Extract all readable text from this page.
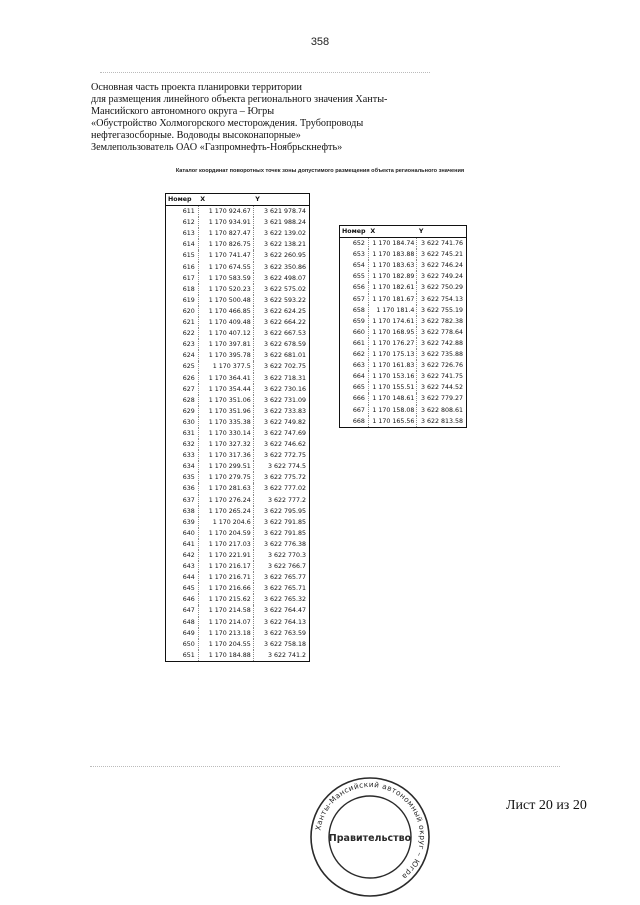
358
Основная часть проекта планировки территории
для размещения линейного объекта регионального значения Ханты-
Мансийского автономного округа – Югры
«Обустройство Холмогорского месторождения. Трубопроводы
нефтегазосборные. Водоводы высоконапорные»
Землепользователь ОАО «Газпромнефть-Ноябрьскнефть»
Каталог координат поворотных точек зоны допустимого размещения объекта регионального значения
Номер	X	Y
611	1 170 924.67	3 621 978.74
612	1 170 934.91	3 621 988.24
613	1 170 827.47	3 622 139.02
614	1 170 826.75	3 622 138.21
615	1 170 741.47	3 622 260.95
616	1 170 674.55	3 622 350.86
617	1 170 583.59	3 622 498.07
618	1 170 520.23	3 622 575.02
619	1 170 500.48	3 622 593.22
620	1 170 466.85	3 622 624.25
621	1 170 409.48	3 622 664.22
622	1 170 407.12	3 622 667.53
623	1 170 397.81	3 622 678.59
624	1 170 395.78	3 622 681.01
625	1 170 377.5	3 622 702.75
626	1 170 364.41	3 622 718.31
627	1 170 354.44	3 622 730.16
628	1 170 351.06	3 622 731.09
629	1 170 351.96	3 622 733.83
630	1 170 335.38	3 622 749.82
631	1 170 330.14	3 622 747.69
632	1 170 327.32	3 622 746.62
633	1 170 317.36	3 622 772.75
634	1 170 299.51	3 622 774.5
635	1 170 279.75	3 622 775.72
636	1 170 281.63	3 622 777.02
637	1 170 276.24	3 622 777.2
638	1 170 265.24	3 622 795.95
639	1 170 204.6	3 622 791.85
640	1 170 204.59	3 622 791.85
641	1 170 217.03	3 622 776.38
642	1 170 221.91	3 622 770.3
643	1 170 216.17	3 622 766.7
644	1 170 216.71	3 622 765.77
645	1 170 216.66	3 622 765.71
646	1 170 215.62	3 622 765.32
647	1 170 214.58	3 622 764.47
648	1 170 214.07	3 622 764.13
649	1 170 213.18	3 622 763.59
650	1 170 204.55	3 622 758.18
651	1 170 184.88	3 622 741.2
Номер	X	Y
652	1 170 184.74	3 622 741.76
653	1 170 183.88	3 622 745.21
654	1 170 183.63	3 622 746.24
655	1 170 182.89	3 622 749.24
656	1 170 182.61	3 622 750.29
657	1 170 181.67	3 622 754.13
658	1 170 181.4	3 622 755.19
659	1 170 174.61	3 622 782.38
660	1 170 168.95	3 622 778.64
661	1 170 176.27	3 622 742.88
662	1 170 175.13	3 622 735.88
663	1 170 161.83	3 622 726.76
664	1 170 153.16	3 622 741.75
665	1 170 155.51	3 622 744.52
666	1 170 148.61	3 622 779.27
667	1 170 158.08	3 622 808.61
668	1 170 165.56	3 622 813.58
Лист 20 из 20
Ханты-Мансийский автономный округ – Югра
Правительство
